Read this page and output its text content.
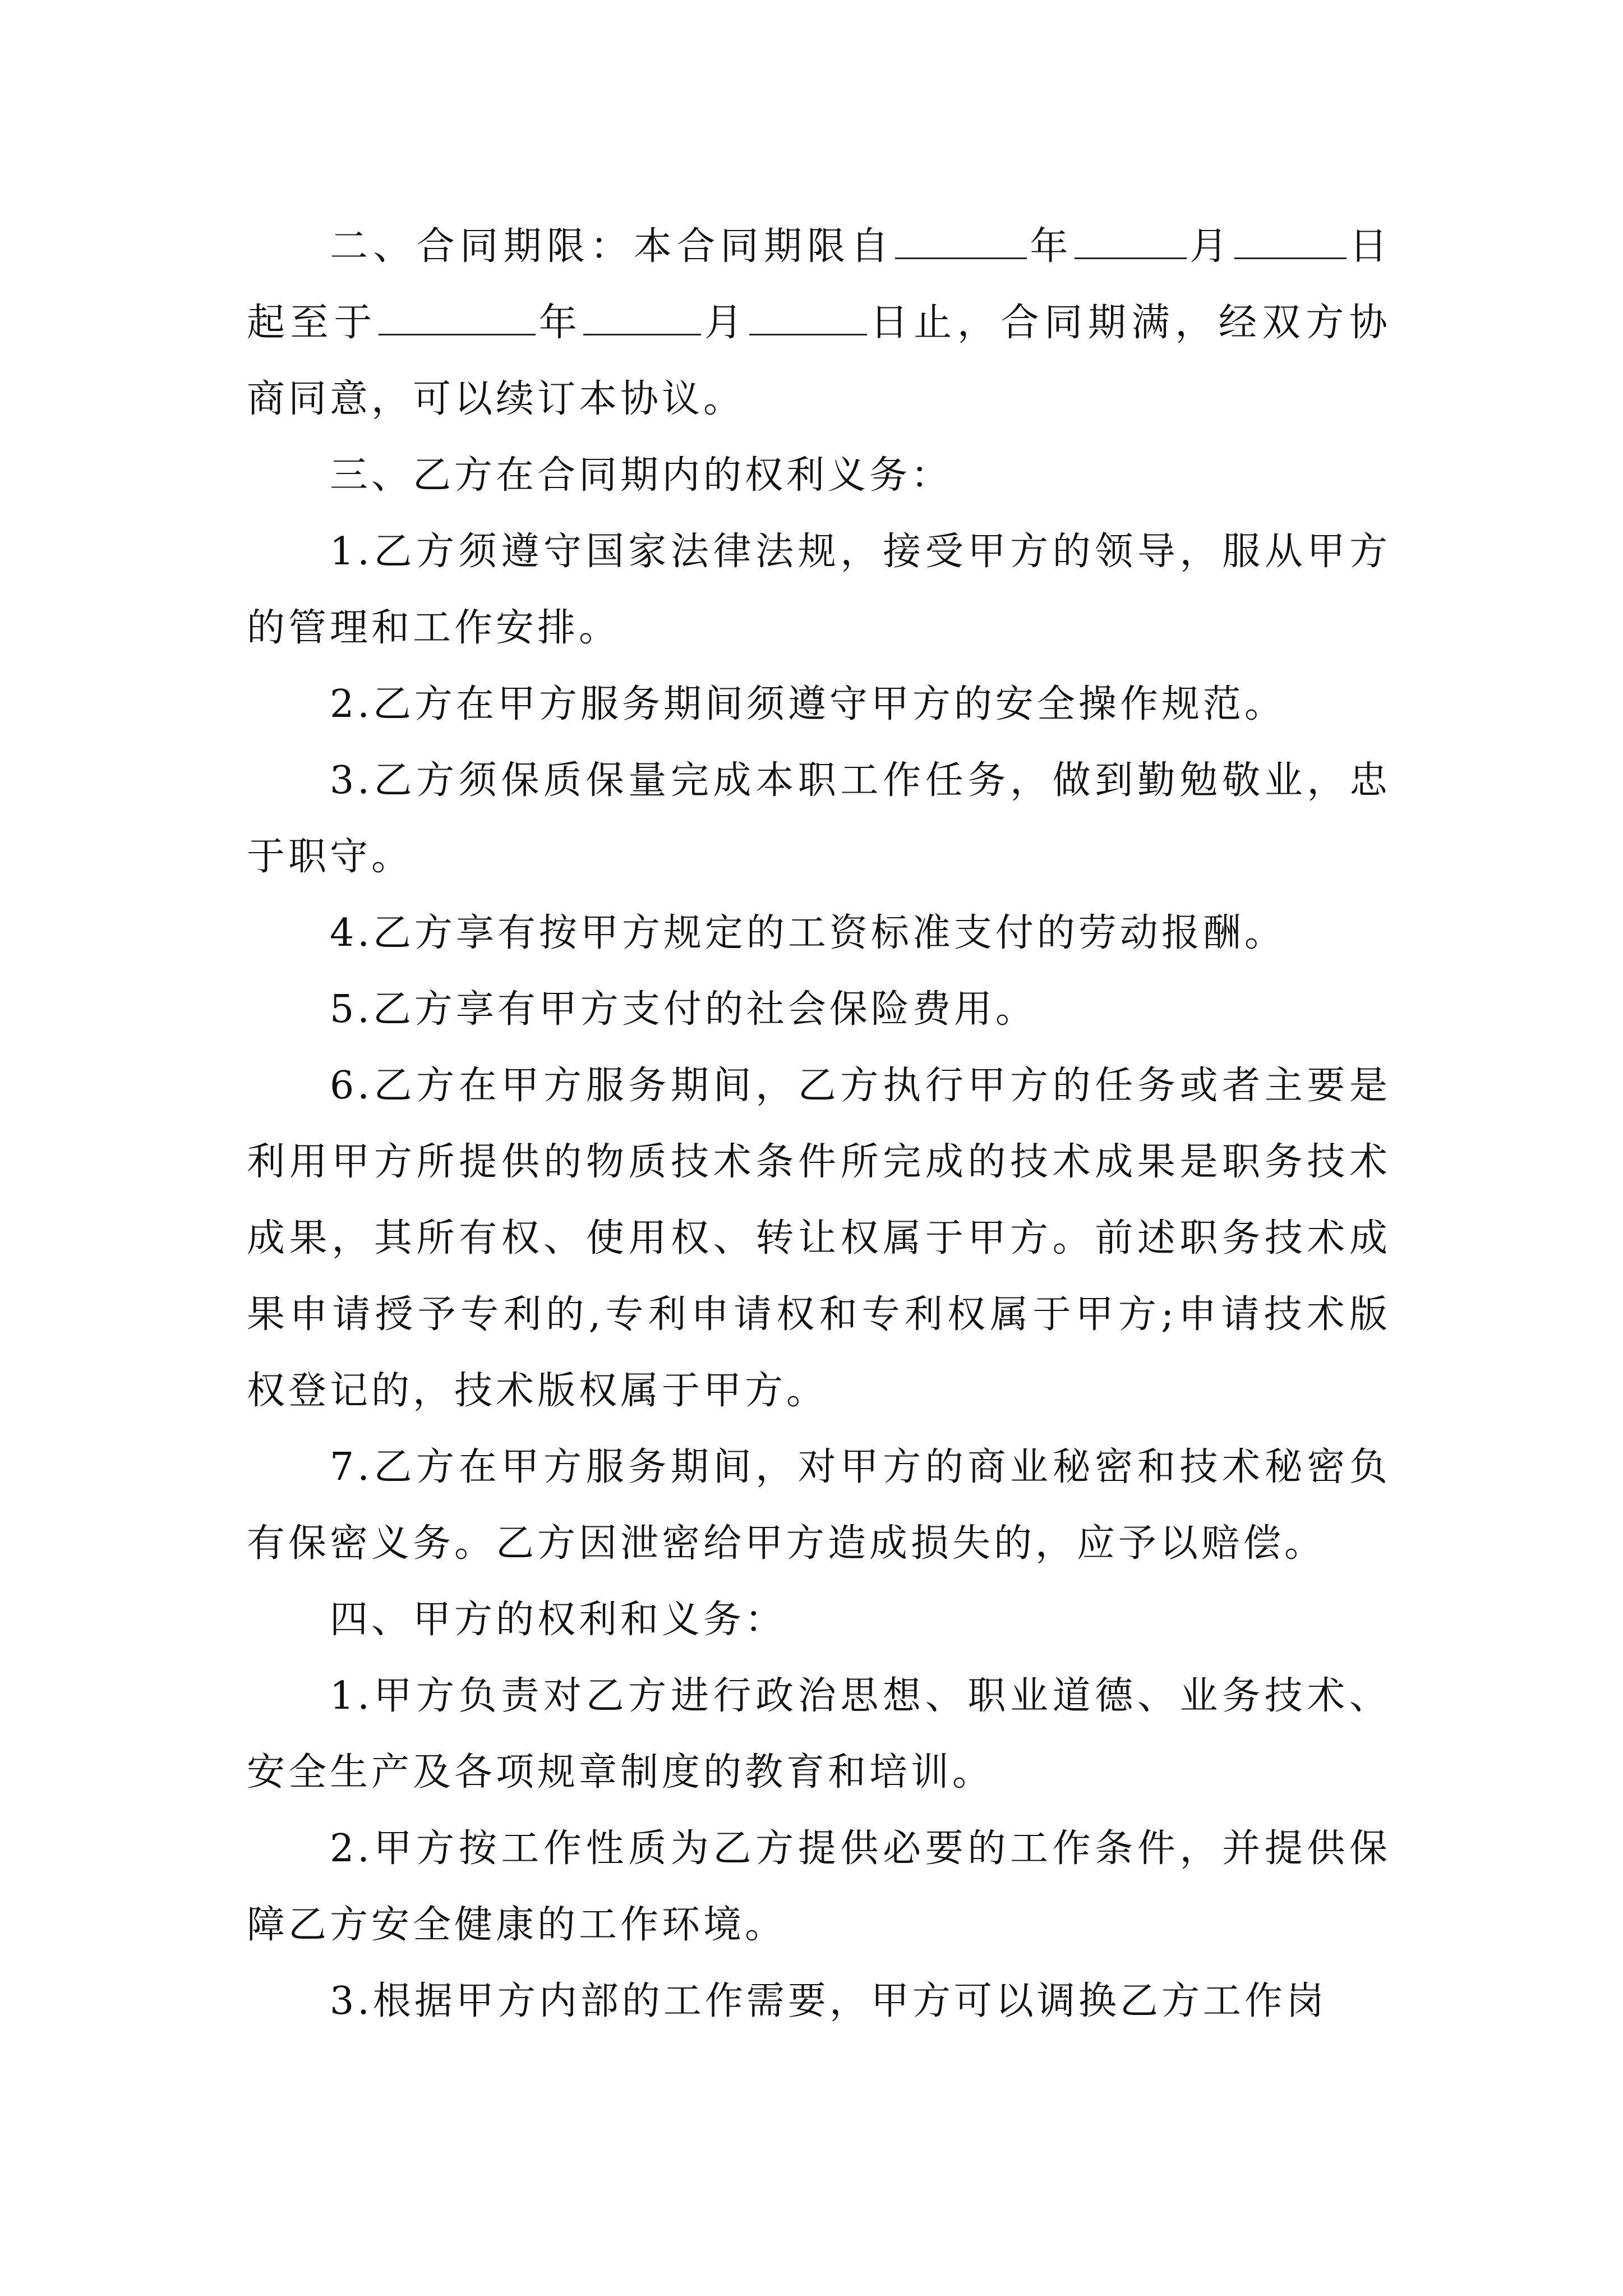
二、合同期限：本合同期限自	年	月	日起至于	年	月	日止，合同期满，经双方协商同意，可以续订本协议。

三、乙方在合同期内的权利义务：

1.乙方须遵守国家法律法规，接受甲方的领导，服从甲方的管理和工作安排。

2.乙方在甲方服务期间须遵守甲方的安全操作规范。

3.乙方须保质保量完成本职工作任务，做到勤勉敬业，忠于职守。

4.乙方享有按甲方规定的工资标准支付的劳动报酬。

5.乙方享有甲方支付的社会保险费用。

6.乙方在甲方服务期间，乙方执行甲方的任务或者主要是利用甲方所提供的物质技术条件所完成的技术成果是职务技术成果，其所有权、使用权、转让权属于甲方。前述职务技术成果申请授予专利的,专利申请权和专利权属于甲方;申请技术版权登记的，技术版权属于甲方。

7.乙方在甲方服务期间，对甲方的商业秘密和技术秘密负有保密义务。乙方因泄密给甲方造成损失的，应予以赔偿。

四、甲方的权利和义务：

1.甲方负责对乙方进行政治思想、职业道德、业务技术、安全生产及各项规章制度的教育和培训。

2.甲方按工作性质为乙方提供必要的工作条件，并提供保障乙方安全健康的工作环境。

3.根据甲方内部的工作需要，甲方可以调换乙方工作岗
